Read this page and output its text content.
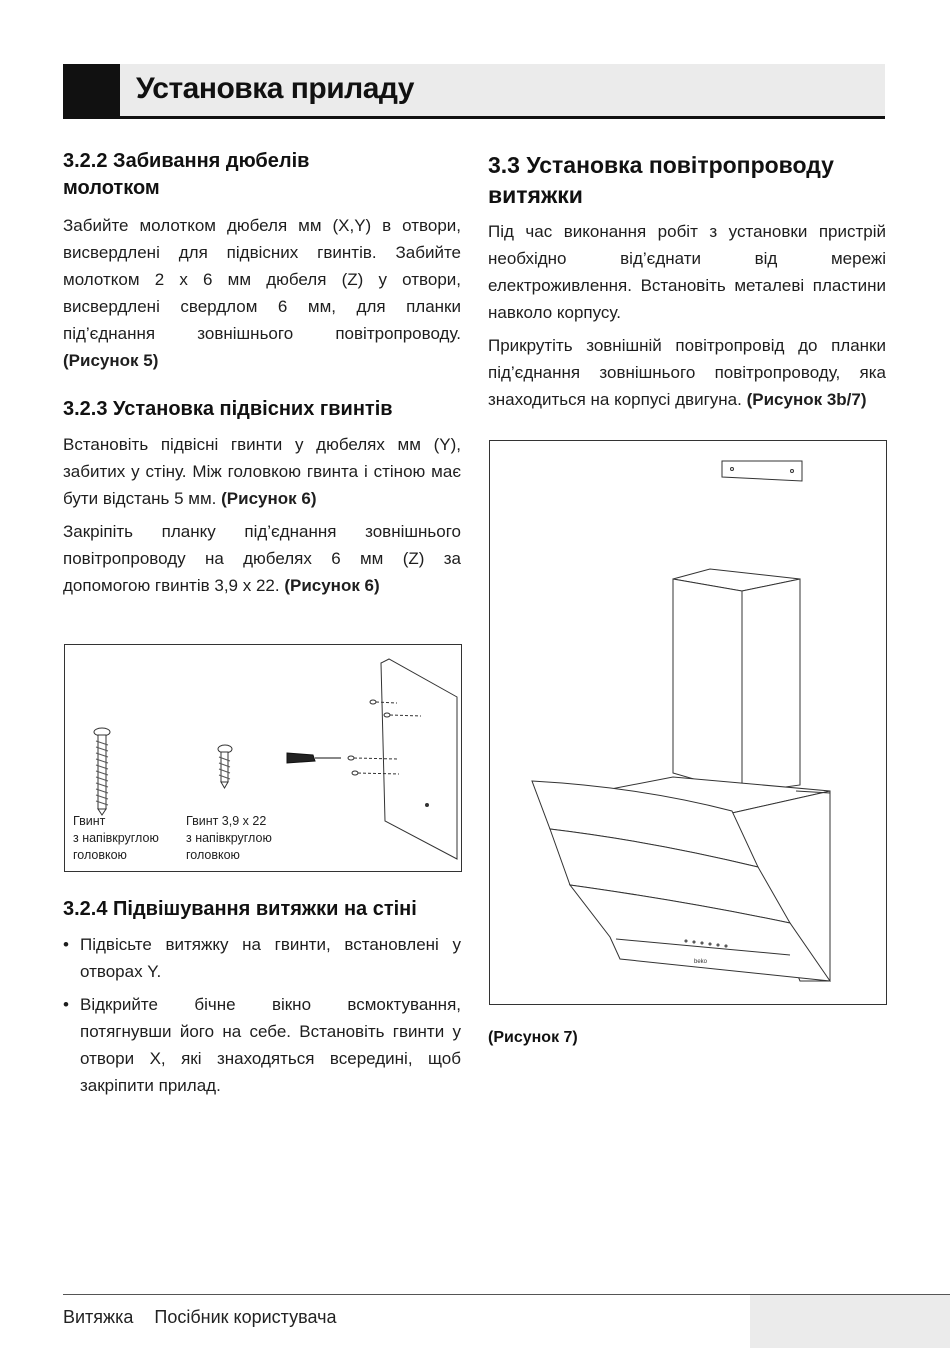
Установка приладу
3.2.2 Забивання дюбелів
молотком

Забийте молотком дюбеля мм (X,Y) в отвори, висвердлені для підвісних гвинтів. Забийте молотком 2 x 6 мм дюбеля (Z) у отвори, висвердлені свердлом 6 мм, для планки під’єднання зовнішнього повітропроводу. (Рисунок 5)

3.2.3 Установка підвісних гвинтів

Встановіть підвісні гвинти у дюбелях мм (Y), забитих у стіну. Між головкою гвинта і стіною має бути відстань 5 мм. (Рисунок 6)

Закріпіть планку під’єднання зовнішнього повітропроводу на дюбелях 6 мм (Z) за допомогою гвинтів 3,9 x 22. (Рисунок 6)

Гвинт
з напівкруглою
головкою
Гвинт 3,9 x 22
з напівкруглою
головкою
3.2.4 Підвішування витяжки на стіні
• Підвісьте витяжку на гвинти, встановлені у отворах Y.
• Відкрийте бічне вікно всмоктування, потягнувши його на себе. Встановіть гвинти у отвори X, які знаходяться всередині, щоб закріпити прилад.
3.3 Установка повітропроводу
витяжки

Під час виконання робіт з установки пристрій необхідно від’єднати від мережі електроживлення. Встановіть металеві пластини навколо корпусу.

Прикрутіть зовнішній повітропровід до планки під’єднання зовнішнього повітропроводу, яка знаходиться на корпусі двигуна. (Рисунок 3b/7)

beko
(Рисунок 7)
Витяжка Посібник користувача
